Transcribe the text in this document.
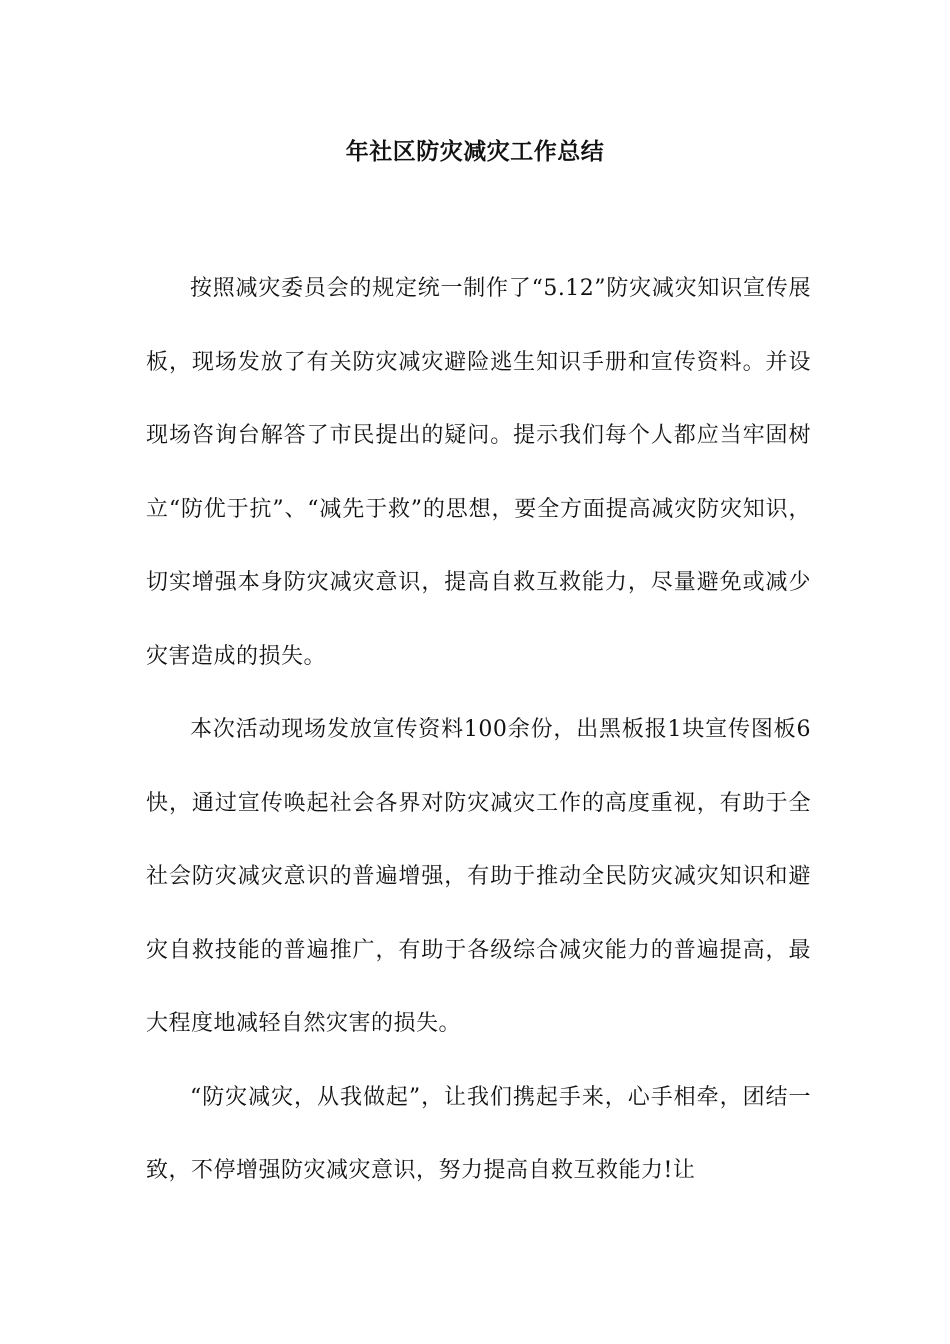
年社区防灾减灾工作总结

按照减灾委员会的规定统一制作了“5.12”防灾减灾知识宣传展板，现场发放了有关防灾减灾避险逃生知识手册和宣传资料。并设现场咨询台解答了市民提出的疑问。提示我们每个人都应当牢固树立“防优于抗”、“减先于救”的思想，要全方面提高减灾防灾知识，切实增强本身防灾减灾意识，提高自救互救能力，尽量避免或减少灾害造成的损失。

本次活动现场发放宣传资料100余份，出黑板报1块宣传图板6快，通过宣传唤起社会各界对防灾减灾工作的高度重视，有助于全社会防灾减灾意识的普遍增强，有助于推动全民防灾减灾知识和避灾自救技能的普遍推广，有助于各级综合减灾能力的普遍提高，最大程度地减轻自然灾害的损失。

“防灾减灾，从我做起”，让我们携起手来，心手相牵，团结一致，不停增强防灾减灾意识，努力提高自救互救能力!让
